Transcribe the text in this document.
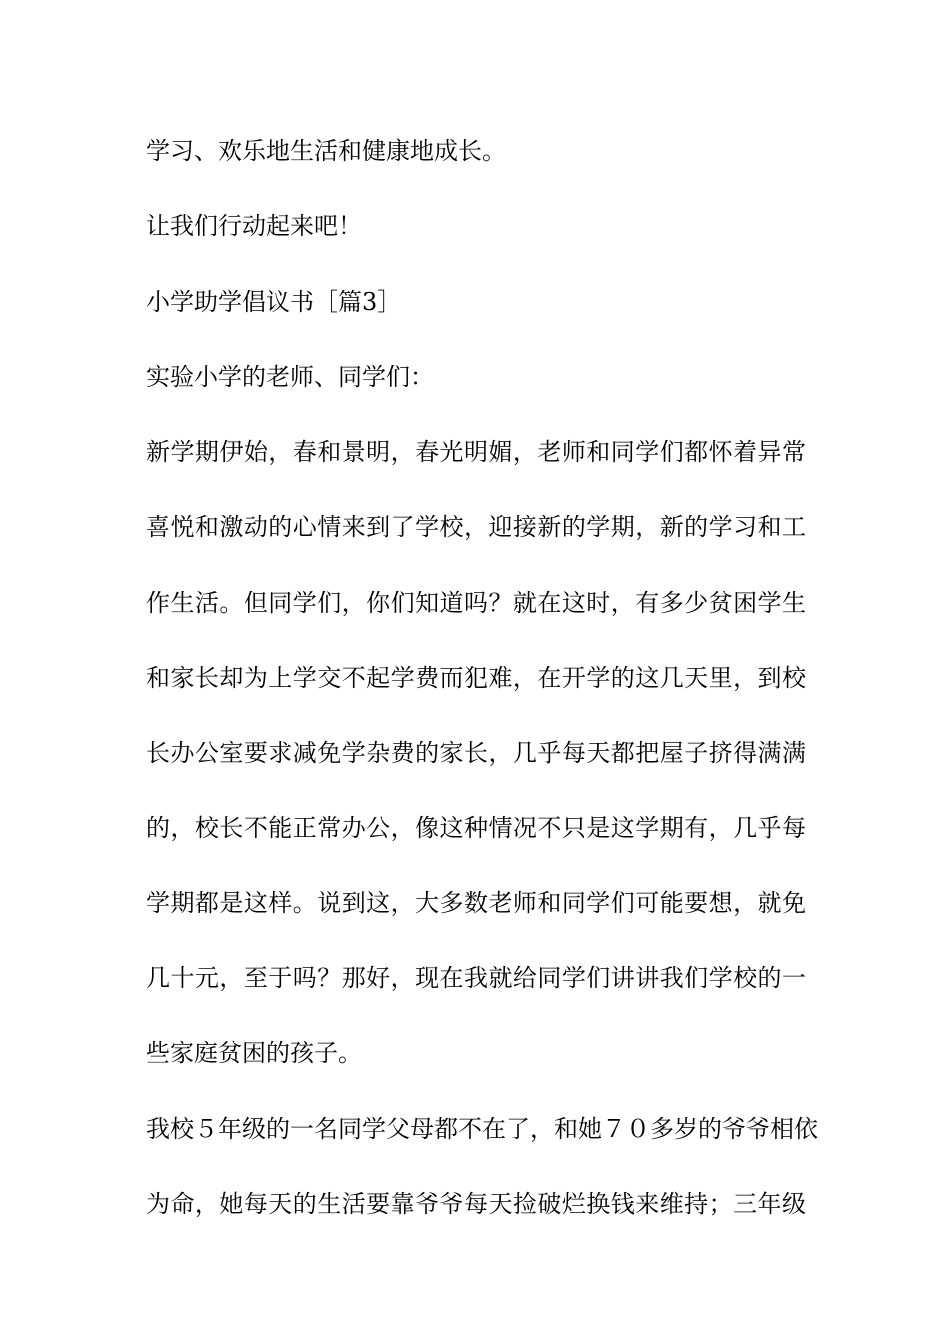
学习、欢乐地生活和健康地成长。
让我们行动起来吧！
小学助学倡议书［篇3］
实验小学的老师、同学们：
新学期伊始，春和景明，春光明媚，老师和同学们都怀着异常
喜悦和激动的心情来到了学校，迎接新的学期，新的学习和工
作生活。但同学们，你们知道吗？就在这时，有多少贫困学生
和家长却为上学交不起学费而犯难，在开学的这几天里，到校
长办公室要求减免学杂费的家长，几乎每天都把屋子挤得满满
的，校长不能正常办公，像这种情况不只是这学期有，几乎每
学期都是这样。说到这，大多数老师和同学们可能要想，就免
几十元，至于吗？那好，现在我就给同学们讲讲我们学校的一
些家庭贫困的孩子。
我校５年级的一名同学父母都不在了，和她７０多岁的爷爷相依
为命，她每天的生活要靠爷爷每天捡破烂换钱来维持；三年级
